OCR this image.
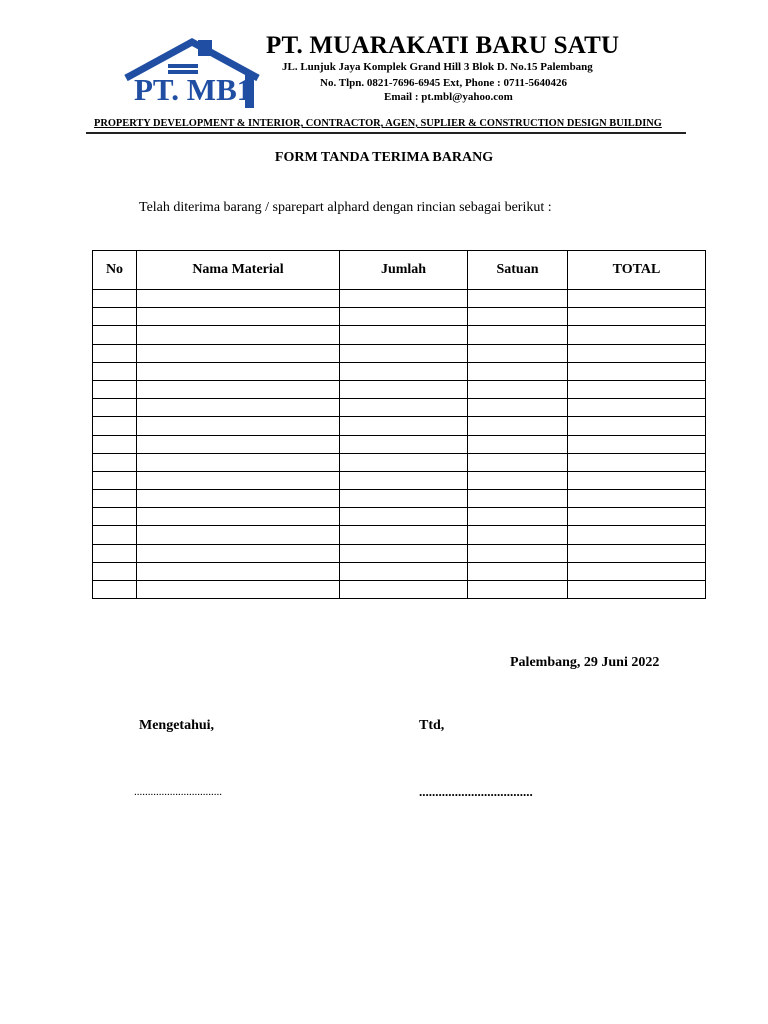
PT. MB1
PT. MUARAKATI BARU SATU
JL. Lunjuk Jaya Komplek Grand Hill 3 Blok D. No.15 Palembang
No. Tlpn. 0821-7696-6945 Ext, Phone : 0711-5640426
Email : pt.mbl@yahoo.com
PROPERTY DEVELOPMENT & INTERIOR, CONTRACTOR, AGEN, SUPLIER & CONSTRUCTION DESIGN BUILDING
FORM TANDA TERIMA BARANG
Telah diterima barang / sparepart alphard dengan rincian sebagai berikut :
No	Nama Material	Jumlah	Satuan	TOTAL

Palembang, 29 Juni 2022
Mengetahui,	Ttd,
................................	...................................
